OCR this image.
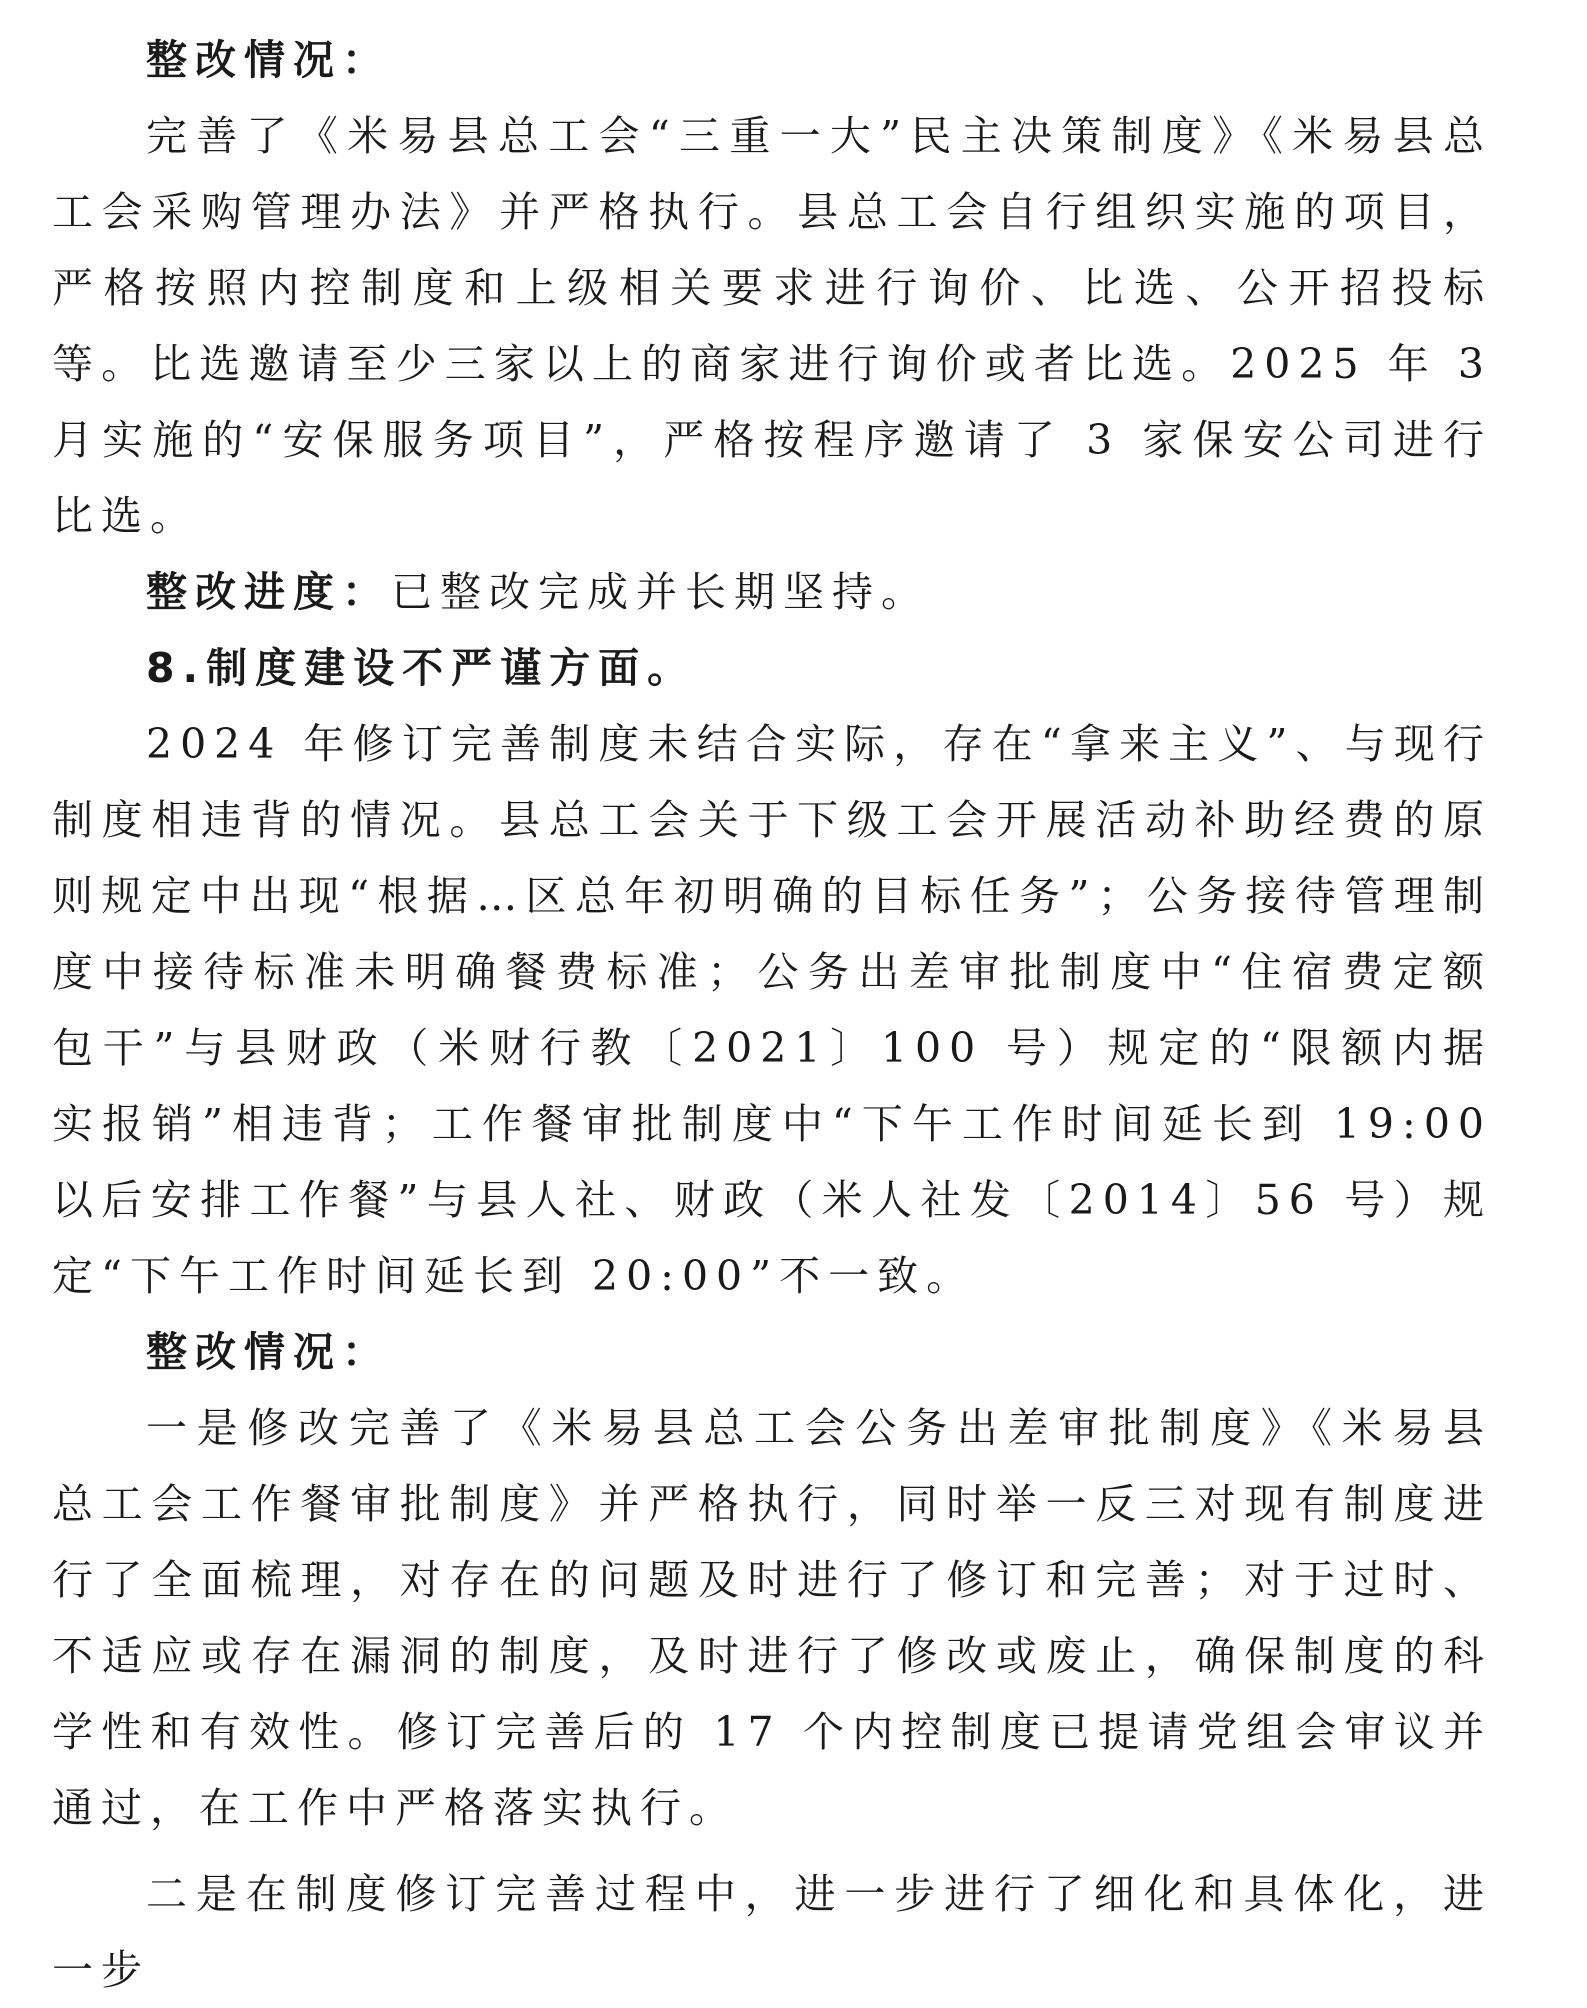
整改情况：

完善了《米易县总工会“三重一大”民主决策制度》《米易县总工会采购管理办法》并严格执行。县总工会自行组织实施的项目，严格按照内控制度和上级相关要求进行询价、比选、公开招投标等。比选邀请至少三家以上的商家进行询价或者比选。2025 年 3 月实施的“安保服务项目”，严格按程序邀请了 3 家保安公司进行比选。

整改进度：已整改完成并长期坚持。

8.制度建设不严谨方面。

2024 年修订完善制度未结合实际，存在“拿来主义”、与现行制度相违背的情况。县总工会关于下级工会开展活动补助经费的原则规定中出现“根据…区总年初明确的目标任务”；公务接待管理制度中接待标准未明确餐费标准；公务出差审批制度中“住宿费定额包干”与县财政（米财行教〔2021〕100 号）规定的“限额内据实报销”相违背；工作餐审批制度中“下午工作时间延长到 19:00 以后安排工作餐”与县人社、财政（米人社发〔2014〕56 号）规定“下午工作时间延长到 20:00”不一致。

整改情况：

一是修改完善了《米易县总工会公务出差审批制度》《米易县总工会工作餐审批制度》并严格执行，同时举一反三对现有制度进行了全面梳理，对存在的问题及时进行了修订和完善；对于过时、不适应或存在漏洞的制度，及时进行了修改或废止，确保制度的科学性和有效性。修订完善后的 17 个内控制度已提请党组会审议并通过，在工作中严格落实执行。

二是在制度修订完善过程中，进一步进行了细化和具体化，进一步
